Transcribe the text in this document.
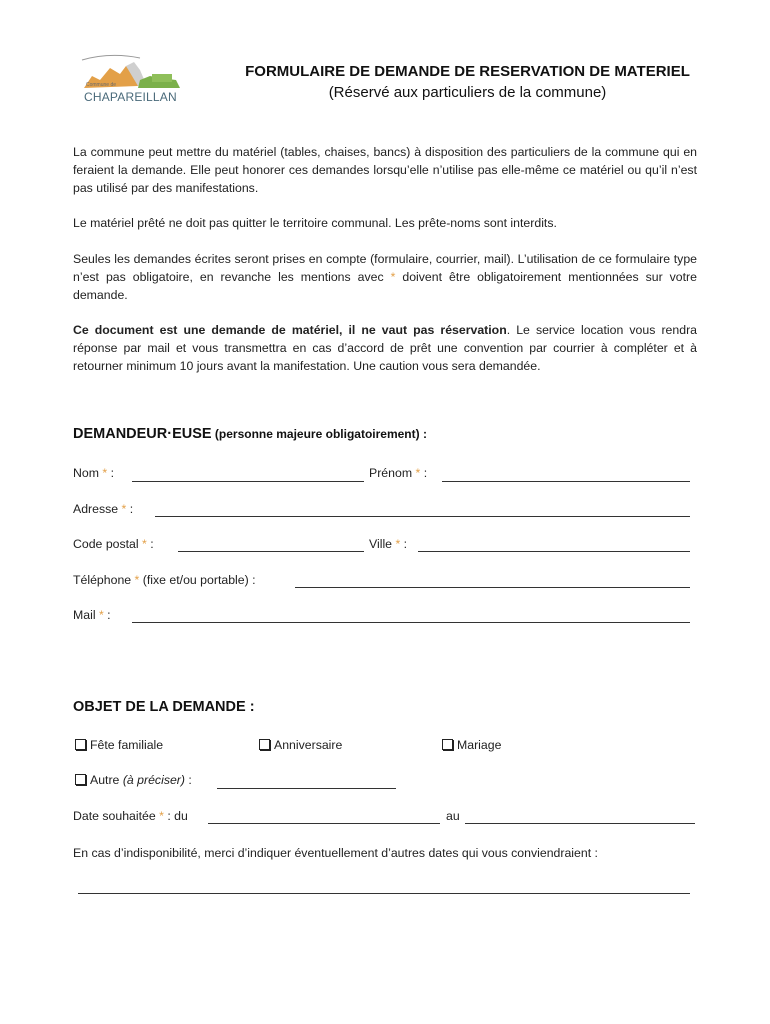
Commune de
CHAPAREILLAN
FORMULAIRE DE DEMANDE DE RESERVATION DE MATERIEL
(Réservé aux particuliers de la commune)
La commune peut mettre du matériel (tables, chaises, bancs) à disposition des particuliers de la commune qui en feraient la demande. Elle peut honorer ces demandes lorsqu’elle n’utilise pas elle-même ce matériel ou qu’il n’est pas utilisé par des manifestations.
Le matériel prêté ne doit pas quitter le territoire communal. Les prête-noms sont interdits.
Seules les demandes écrites seront prises en compte (formulaire, courrier, mail). L’utilisation de ce formulaire type n’est pas obligatoire, en revanche les mentions avec * doivent être obligatoirement mentionnées sur votre demande.
Ce document est une demande de matériel, il ne vaut pas réservation. Le service location vous rendra réponse par mail et vous transmettra en cas d’accord de prêt une convention par courrier à compléter et à retourner minimum 10 jours avant la manifestation. Une caution vous sera demandée.
DEMANDEUR·EUSE (personne majeure obligatoirement) :
Nom * :	Prénom * :
Adresse * :
Code postal * :	Ville * :
Téléphone * (fixe et/ou portable) :
Mail * :
OBJET DE LA DEMANDE :
Fête familiale	Anniversaire	Mariage
Autre (à préciser) :
Date souhaitée * : du	au
En cas d’indisponibilité, merci d’indiquer éventuellement d’autres dates qui vous conviendraient :
